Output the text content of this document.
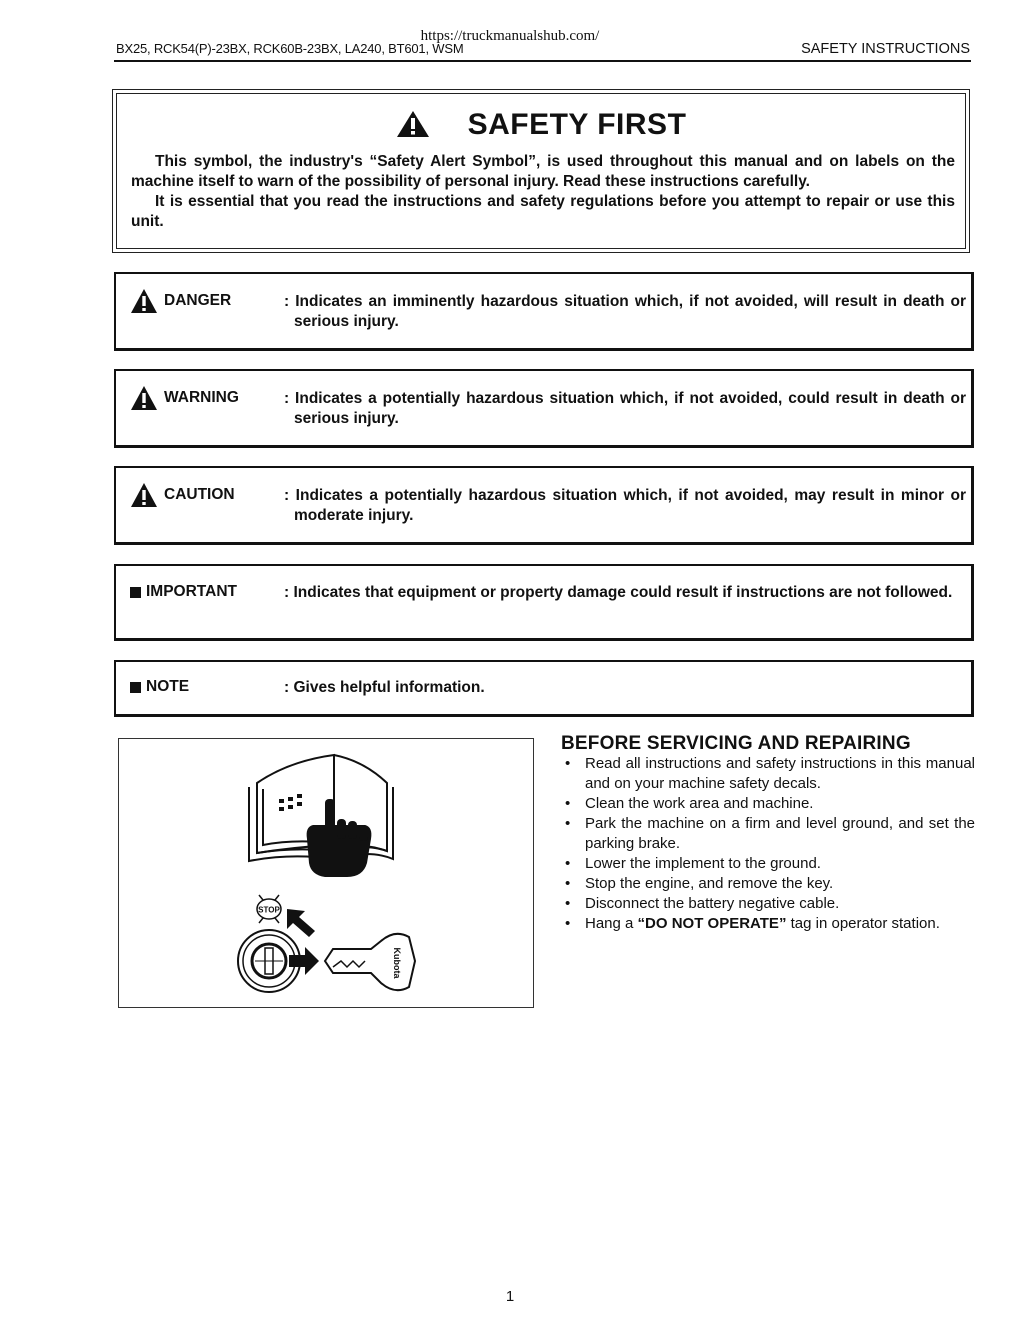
https://truckmanualshub.com/
BX25, RCK54(P)-23BX, RCK60B-23BX, LA240, BT601, WSM	SAFETY INSTRUCTIONS
SAFETY FIRST

This symbol, the industry's “Safety Alert Symbol”, is used throughout this manual and on labels on the machine itself to warn of the possibility of personal injury. Read these instructions carefully.

It is essential that you read the instructions and safety regulations before you attempt to repair or use this unit.

DANGER	: Indicates an imminently hazardous situation which, if not avoided, will result in death or serious injury.
WARNING	: Indicates a potentially hazardous situation which, if not avoided, could result in death or serious injury.
CAUTION	: Indicates a potentially hazardous situation which, if not avoided, may result in minor or moderate injury.
IMPORTANT	: Indicates that equipment or property damage could result if instructions are not followed.
NOTE	: Gives helpful information.
STOP
Kubota
BEFORE SERVICING AND REPAIRING
• Read all instructions and safety instructions in this manual and on your machine safety decals.
• Clean the work area and machine.
• Park the machine on a firm and level ground, and set the parking brake.
• Lower the implement to the ground.
• Stop the engine, and remove the key.
• Disconnect the battery negative cable.
• Hang a “DO NOT OPERATE” tag in operator station.
1
